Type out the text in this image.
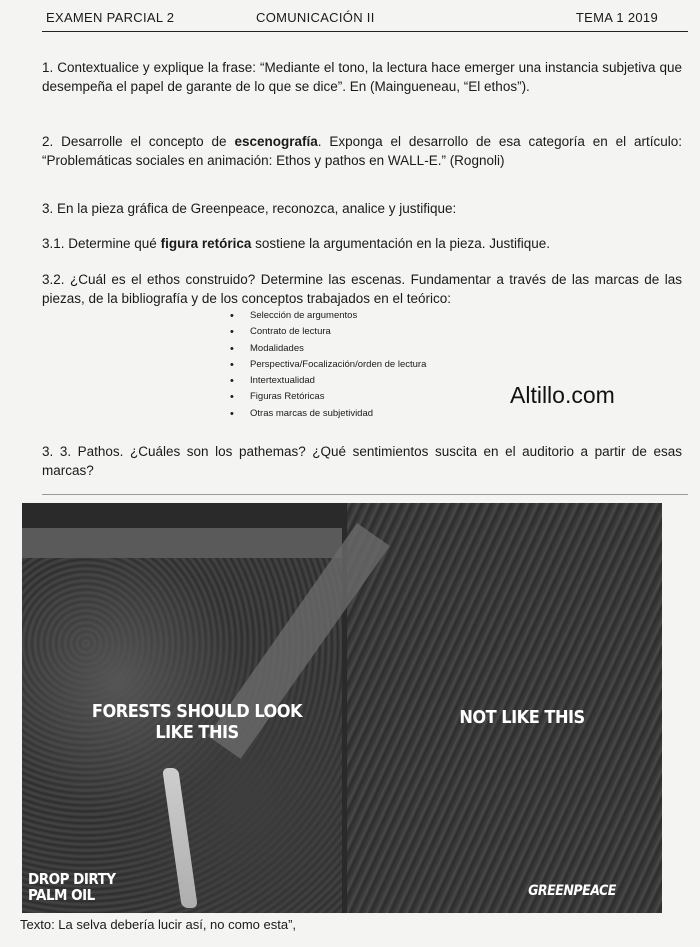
EXAMEN PARCIAL 2	COMUNICACIÓN II	TEMA 1 2019
1. Contextualice y explique la frase: “Mediante el tono, la lectura hace emerger una instancia subjetiva que desempeña el papel de garante de lo que se dice”. En (Maingueneau, “El ethos”).
2. Desarrolle el concepto de escenografía. Exponga el desarrollo de esa categoría en el artículo: “Problemáticas sociales en animación: Ethos y pathos en WALL-E.” (Rognoli)
3. En la pieza gráfica de Greenpeace, reconozca, analice y justifique:
3.1. Determine qué figura retórica sostiene la argumentación en la pieza. Justifique.
3.2. ¿Cuál es el ethos construido? Determine las escenas. Fundamentar a través de las marcas de las piezas, de la bibliografía y de los conceptos trabajados en el teórico:
• Selección de argumentos
• Contrato de lectura
• Modalidades
• Perspectiva/Focalización/orden de lectura
• Intertextualidad
• Figuras Retóricas
• Otras marcas de subjetividad
Altillo.com
3. 3. Pathos. ¿Cuáles son los pathemas? ¿Qué sentimientos suscita en el auditorio a partir de esas marcas?
FORESTS SHOULD LOOK LIKE THIS
NOT LIKE THIS
DROP DIRTY PALM OIL	GREENPEACE
Texto: La selva debería lucir así, no como esta”,
